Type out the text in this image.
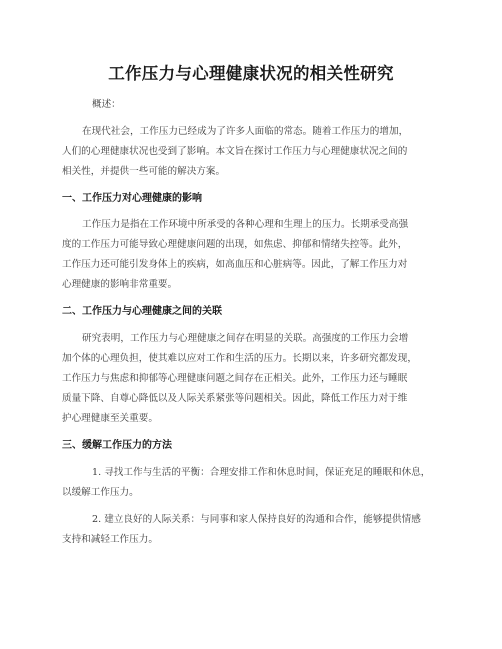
工作压力与心理健康状况的相关性研究
概述：
在现代社会，工作压力已经成为了许多人面临的常态。随着工作压力的增加，
人们的心理健康状况也受到了影响。本文旨在探讨工作压力与心理健康状况之间的
相关性，并提供一些可能的解决方案。
一、工作压力对心理健康的影响
工作压力是指在工作环境中所承受的各种心理和生理上的压力。长期承受高强
度的工作压力可能导致心理健康问题的出现，如焦虑、抑郁和情绪失控等。此外，
工作压力还可能引发身体上的疾病，如高血压和心脏病等。因此，了解工作压力对
心理健康的影响非常重要。
二、工作压力与心理健康之间的关联
研究表明，工作压力与心理健康之间存在明显的关联。高强度的工作压力会增
加个体的心理负担，使其难以应对工作和生活的压力。长期以来，许多研究都发现，
工作压力与焦虑和抑郁等心理健康问题之间存在正相关。此外，工作压力还与睡眠
质量下降、自尊心降低以及人际关系紧张等问题相关。因此，降低工作压力对于维
护心理健康至关重要。
三、缓解工作压力的方法
1. 寻找工作与生活的平衡：合理安排工作和休息时间，保证充足的睡眠和休息，
以缓解工作压力。
2. 建立良好的人际关系：与同事和家人保持良好的沟通和合作，能够提供情感
支持和减轻工作压力。
